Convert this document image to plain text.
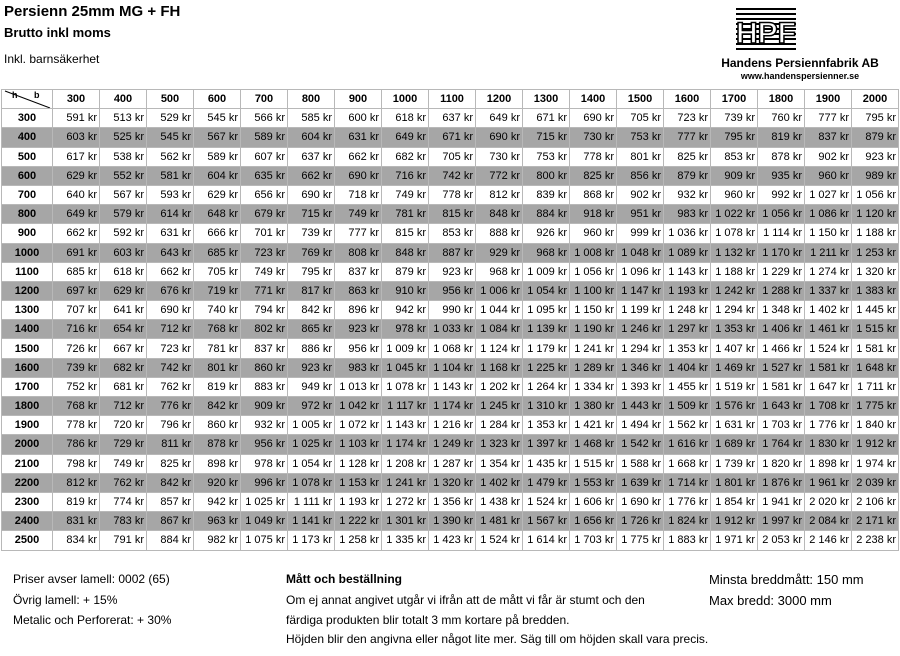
Persienn 25mm MG + FH
Brutto inkl moms
Inkl. barnsäkerhet
HPF
Handens Persiennfabrik AB
www.handenspersienner.se
h b	300	400	500	600	700	800	900	1000	1100	1200	1300	1400	1500	1600	1700	1800	1900	2000
300	591 kr	513 kr	529 kr	545 kr	566 kr	585 kr	600 kr	618 kr	637 kr	649 kr	671 kr	690 kr	705 kr	723 kr	739 kr	760 kr	777 kr	795 kr
400	603 kr	525 kr	545 kr	567 kr	589 kr	604 kr	631 kr	649 kr	671 kr	690 kr	715 kr	730 kr	753 kr	777 kr	795 kr	819 kr	837 kr	879 kr
500	617 kr	538 kr	562 kr	589 kr	607 kr	637 kr	662 kr	682 kr	705 kr	730 kr	753 kr	778 kr	801 kr	825 kr	853 kr	878 kr	902 kr	923 kr
600	629 kr	552 kr	581 kr	604 kr	635 kr	662 kr	690 kr	716 kr	742 kr	772 kr	800 kr	825 kr	856 kr	879 kr	909 kr	935 kr	960 kr	989 kr
700	640 kr	567 kr	593 kr	629 kr	656 kr	690 kr	718 kr	749 kr	778 kr	812 kr	839 kr	868 kr	902 kr	932 kr	960 kr	992 kr	1 027 kr	1 056 kr
800	649 kr	579 kr	614 kr	648 kr	679 kr	715 kr	749 kr	781 kr	815 kr	848 kr	884 kr	918 kr	951 kr	983 kr	1 022 kr	1 056 kr	1 086 kr	1 120 kr
900	662 kr	592 kr	631 kr	666 kr	701 kr	739 kr	777 kr	815 kr	853 kr	888 kr	926 kr	960 kr	999 kr	1 036 kr	1 078 kr	1 114 kr	1 150 kr	1 188 kr
1000	691 kr	603 kr	643 kr	685 kr	723 kr	769 kr	808 kr	848 kr	887 kr	929 kr	968 kr	1 008 kr	1 048 kr	1 089 kr	1 132 kr	1 170 kr	1 211 kr	1 253 kr
1100	685 kr	618 kr	662 kr	705 kr	749 kr	795 kr	837 kr	879 kr	923 kr	968 kr	1 009 kr	1 056 kr	1 096 kr	1 143 kr	1 188 kr	1 229 kr	1 274 kr	1 320 kr
1200	697 kr	629 kr	676 kr	719 kr	771 kr	817 kr	863 kr	910 kr	956 kr	1 006 kr	1 054 kr	1 100 kr	1 147 kr	1 193 kr	1 242 kr	1 288 kr	1 337 kr	1 383 kr
1300	707 kr	641 kr	690 kr	740 kr	794 kr	842 kr	896 kr	942 kr	990 kr	1 044 kr	1 095 kr	1 150 kr	1 199 kr	1 248 kr	1 294 kr	1 348 kr	1 402 kr	1 445 kr
1400	716 kr	654 kr	712 kr	768 kr	802 kr	865 kr	923 kr	978 kr	1 033 kr	1 084 kr	1 139 kr	1 190 kr	1 246 kr	1 297 kr	1 353 kr	1 406 kr	1 461 kr	1 515 kr
1500	726 kr	667 kr	723 kr	781 kr	837 kr	886 kr	956 kr	1 009 kr	1 068 kr	1 124 kr	1 179 kr	1 241 kr	1 294 kr	1 353 kr	1 407 kr	1 466 kr	1 524 kr	1 581 kr
1600	739 kr	682 kr	742 kr	801 kr	860 kr	923 kr	983 kr	1 045 kr	1 104 kr	1 168 kr	1 225 kr	1 289 kr	1 346 kr	1 404 kr	1 469 kr	1 527 kr	1 581 kr	1 648 kr
1700	752 kr	681 kr	762 kr	819 kr	883 kr	949 kr	1 013 kr	1 078 kr	1 143 kr	1 202 kr	1 264 kr	1 334 kr	1 393 kr	1 455 kr	1 519 kr	1 581 kr	1 647 kr	1 711 kr
1800	768 kr	712 kr	776 kr	842 kr	909 kr	972 kr	1 042 kr	1 117 kr	1 174 kr	1 245 kr	1 310 kr	1 380 kr	1 443 kr	1 509 kr	1 576 kr	1 643 kr	1 708 kr	1 775 kr
1900	778 kr	720 kr	796 kr	860 kr	932 kr	1 005 kr	1 072 kr	1 143 kr	1 216 kr	1 284 kr	1 353 kr	1 421 kr	1 494 kr	1 562 kr	1 631 kr	1 703 kr	1 776 kr	1 840 kr
2000	786 kr	729 kr	811 kr	878 kr	956 kr	1 025 kr	1 103 kr	1 174 kr	1 249 kr	1 323 kr	1 397 kr	1 468 kr	1 542 kr	1 616 kr	1 689 kr	1 764 kr	1 830 kr	1 912 kr
2100	798 kr	749 kr	825 kr	898 kr	978 kr	1 054 kr	1 128 kr	1 208 kr	1 287 kr	1 354 kr	1 435 kr	1 515 kr	1 588 kr	1 668 kr	1 739 kr	1 820 kr	1 898 kr	1 974 kr
2200	812 kr	762 kr	842 kr	920 kr	996 kr	1 078 kr	1 153 kr	1 241 kr	1 320 kr	1 402 kr	1 479 kr	1 553 kr	1 639 kr	1 714 kr	1 801 kr	1 876 kr	1 961 kr	2 039 kr
2300	819 kr	774 kr	857 kr	942 kr	1 025 kr	1 111 kr	1 193 kr	1 272 kr	1 356 kr	1 438 kr	1 524 kr	1 606 kr	1 690 kr	1 776 kr	1 854 kr	1 941 kr	2 020 kr	2 106 kr
2400	831 kr	783 kr	867 kr	963 kr	1 049 kr	1 141 kr	1 222 kr	1 301 kr	1 390 kr	1 481 kr	1 567 kr	1 656 kr	1 726 kr	1 824 kr	1 912 kr	1 997 kr	2 084 kr	2 171 kr
2500	834 kr	791 kr	884 kr	982 kr	1 075 kr	1 173 kr	1 258 kr	1 335 kr	1 423 kr	1 524 kr	1 614 kr	1 703 kr	1 775 kr	1 883 kr	1 971 kr	2 053 kr	2 146 kr	2 238 kr
Priser avser lamell: 0002 (65)
Övrig lamell: + 15%
Metalic och Perforerat: + 30%
Mått och beställning
Om ej annat angivet utgår vi ifrån att de mått vi får är stumt och den
färdiga produkten blir totalt 3 mm kortare på bredden.
Höjden blir den angivna eller något lite mer. Säg till om höjden skall vara precis.
Minsta breddmått: 150 mm
Max bredd: 3000 mm
